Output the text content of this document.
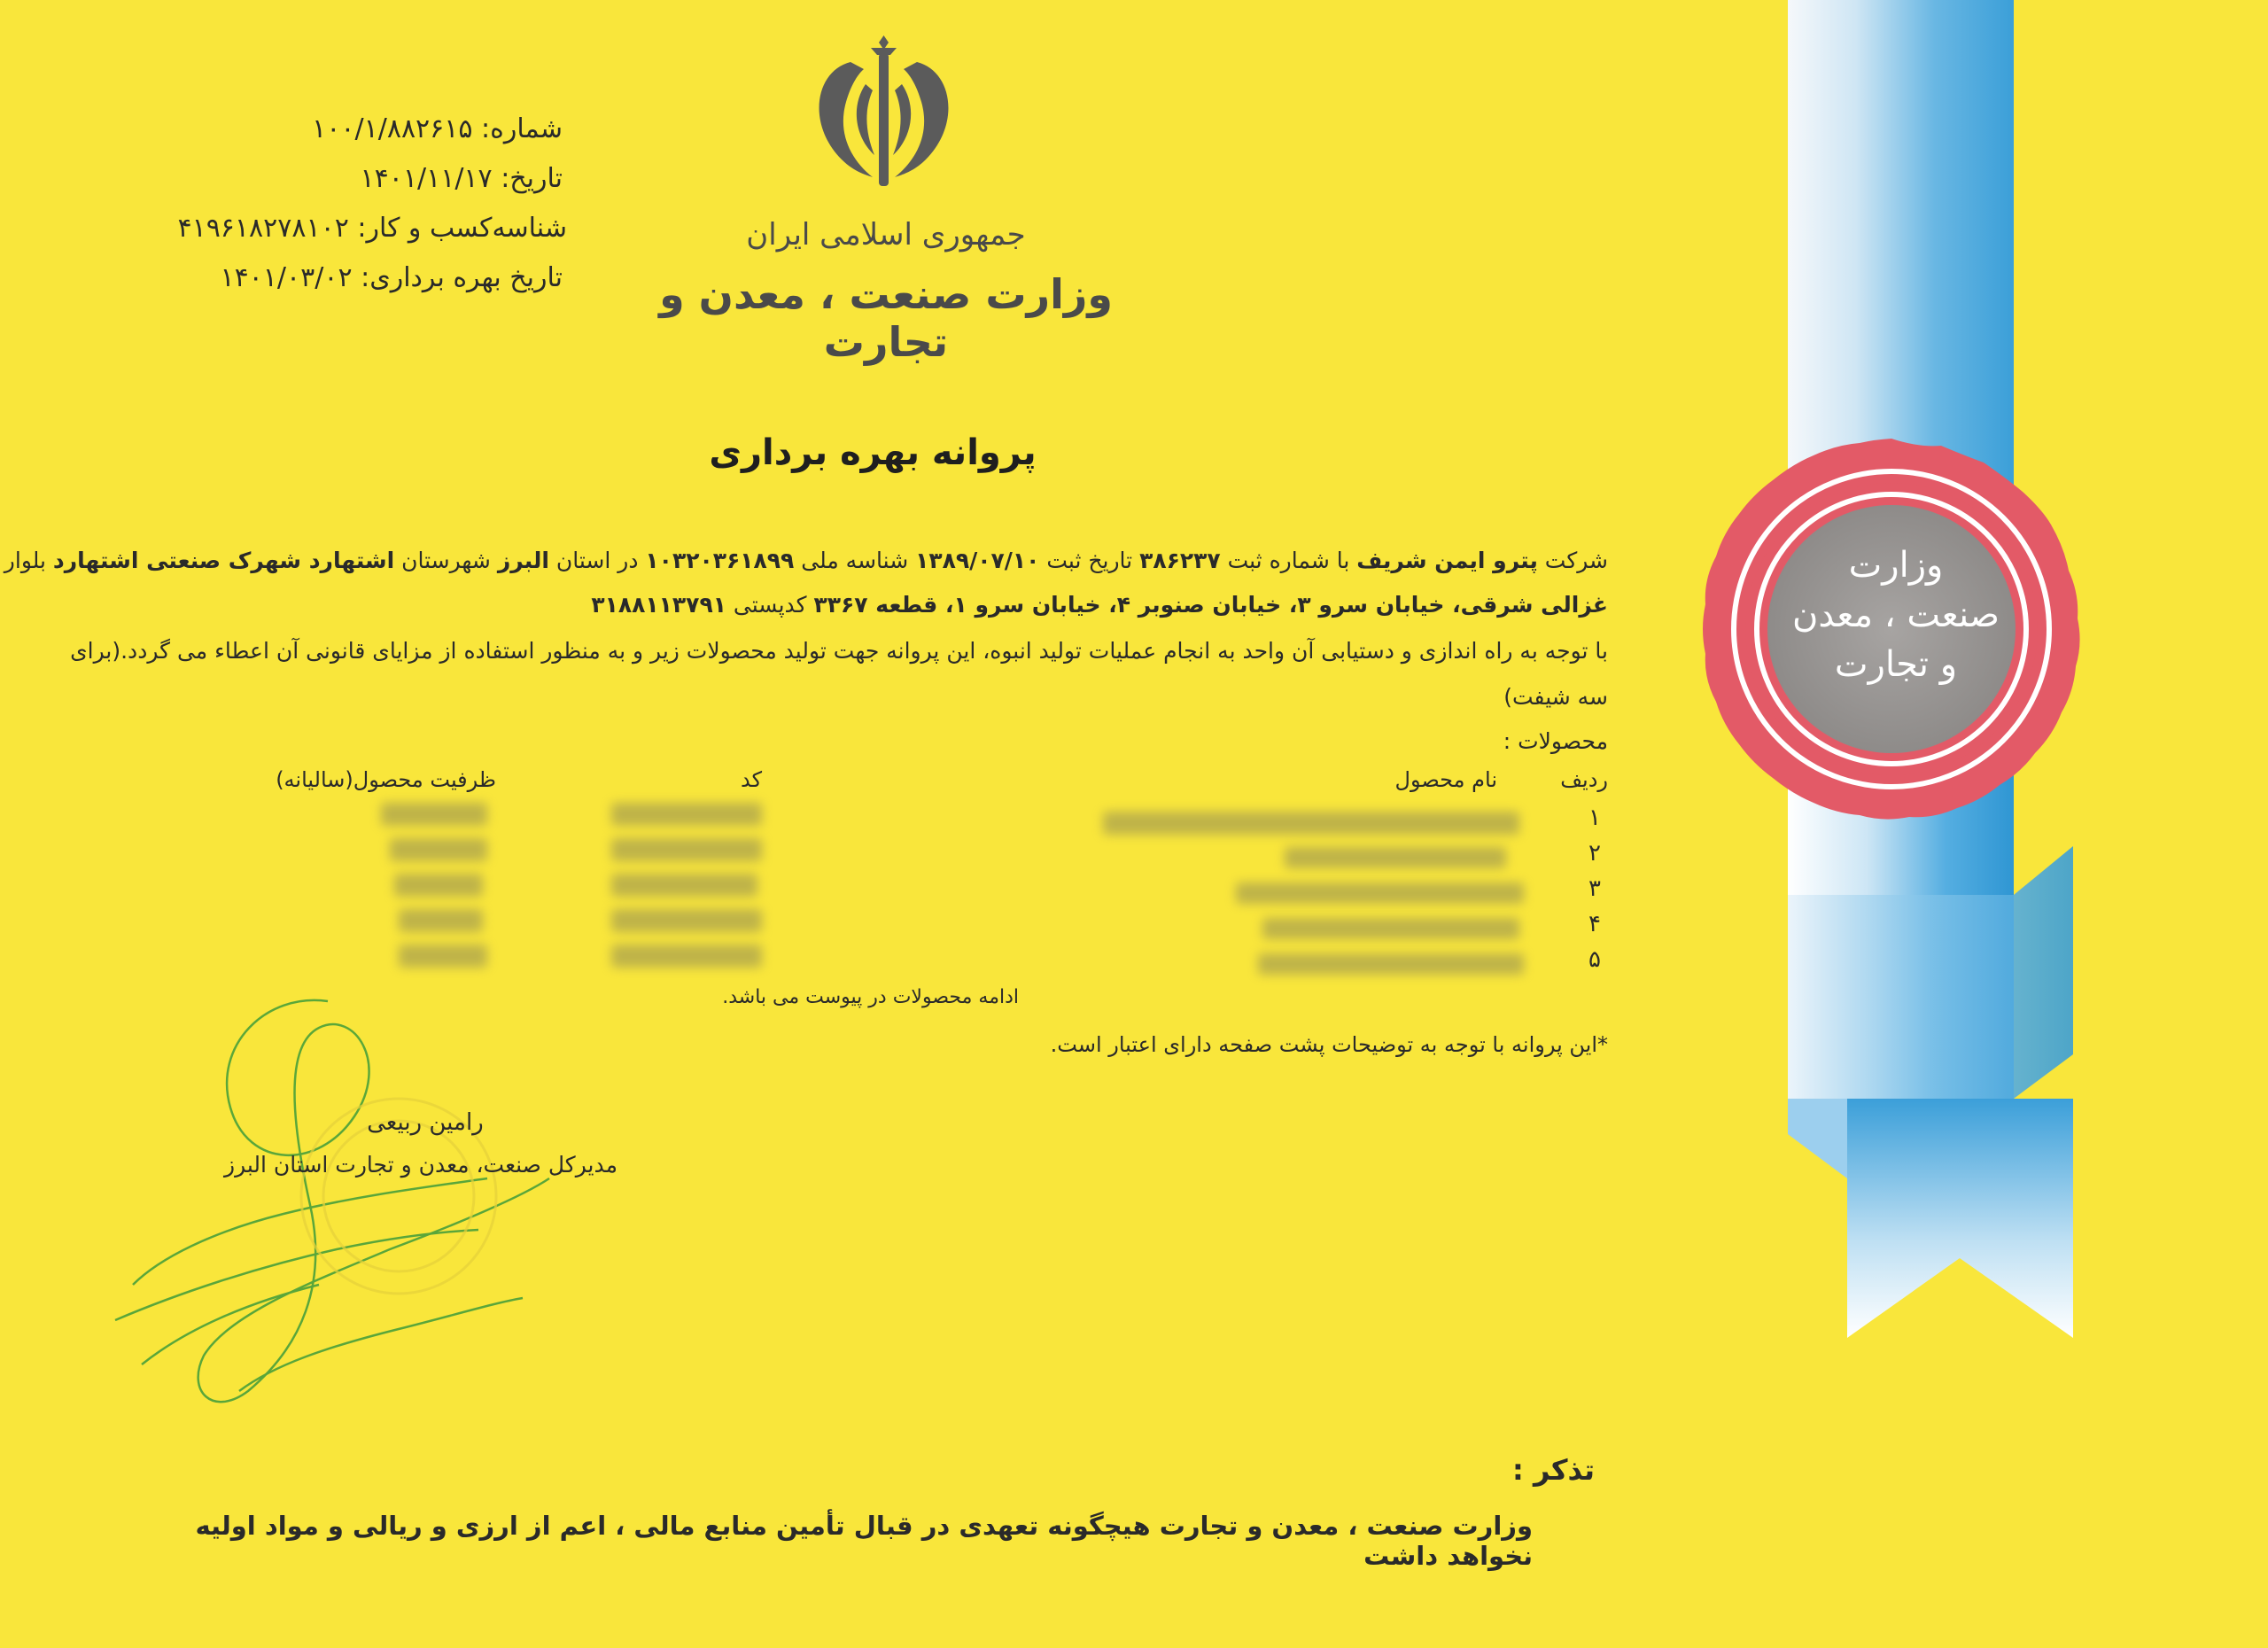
وزارت
صنعت ، معدن
و تجارت
جمهوری اسلامی ایران
وزارت صنعت ، معدن و تجارت
شماره: ۱۰۰/۱/۸۸۲۶۱۵
تاریخ: ۱۴۰۱/۱۱/۱۷
شناسه‌کسب و کار: ۴۱۹۶۱۸۲۷۸۱۰۲
تاریخ بهره برداری: ۱۴۰۱/۰۳/۰۲
پروانه بهره برداری
شرکت پترو ایمن شریف با شماره ثبت ۳۸۶۲۳۷ تاریخ ثبت ۱۳۸۹/۰۷/۱۰ شناسه ملی ۱۰۳۲۰۳۶۱۸۹۹ در استان البرز شهرستان اشتهارد شهرک صنعتی اشتهارد بلوار
غزالی شرقی، خیابان سرو ۳، خیابان صنوبر ۴، خیابان سرو ۱، قطعه ۳۳۶۷ کدپستی ۳۱۸۸۱۱۳۷۹۱
با توجه به راه اندازی و دستیابی آن واحد به انجام عملیات تولید انبوه، این پروانه جهت تولید محصولات زیر و به منظور استفاده از مزایای قانونی آن اعطاء می گردد.(برای
سه شیفت)
محصولات :
ردیف
نام محصول
کد
ظرفیت محصول(سالیانه)
۱
۲
۳
۴
۵
ادامه محصولات در پیوست می باشد.
*این پروانه با توجه به توضیحات پشت صفحه دارای اعتبار است.
رامین ربیعی
مدیرکل صنعت، معدن و تجارت استان البرز
تذکر :
وزارت صنعت ، معدن و تجارت هیچگونه تعهدی در قبال تأمین منابع مالی ، اعم از ارزی و ریالی و مواد اولیه نخواهد داشت
